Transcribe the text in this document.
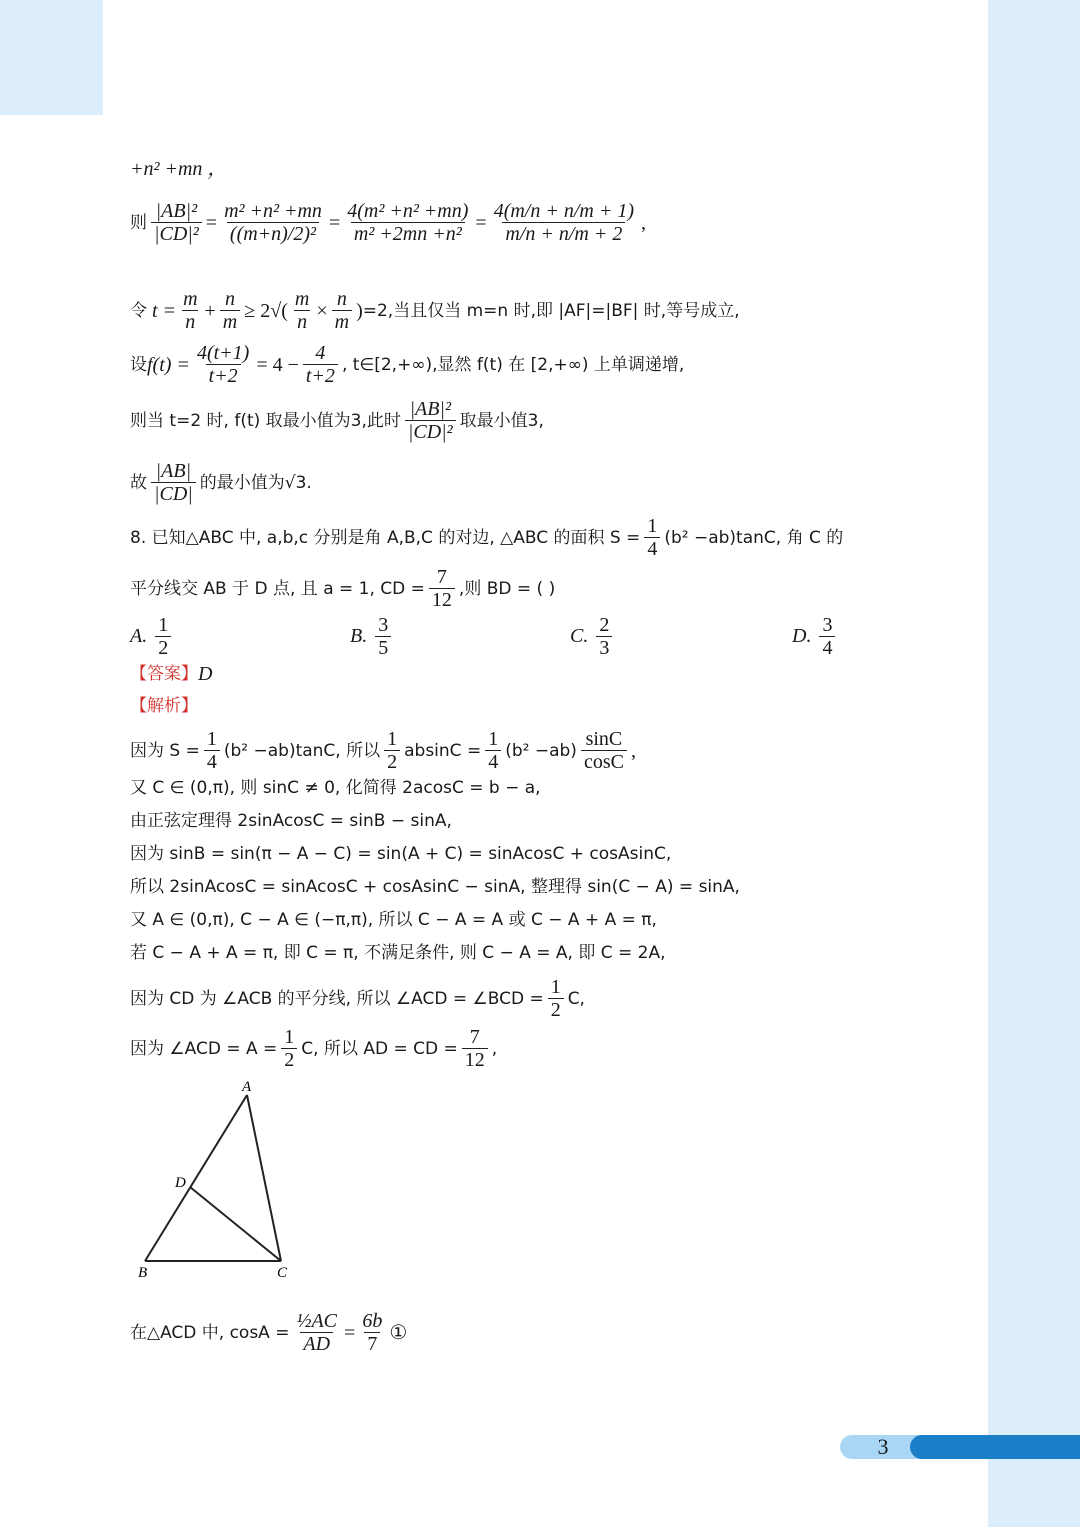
+n² +mn ，
则 $\frac{\text{|AB|²}}{\text{|CD|²}} = \frac{\text{m² +n² +mn}}{\text{((m+n)/2)²}} = \frac{\text{4(m² +n² +mn)}}{\text{m² +2mn +n²}} = \frac{4(m/n + n/m + 1)}{m/n + n/m + 2}$ ,
令 $t = \frac{m}{n} + \frac{n}{m} \ge 2√( \frac{m}{n} \times \frac{n}{m}$ ) =2,当且仅当 m=n 时,即 |AF|=|BF| 时,等号成立,
设 $f(t) = \frac{4(t+1)}{t+2} = 4 - \frac{4}{t+2}$ , t∈[2,+∞),显然 f(t) 在 [2,+∞) 上单调递增,
则当 t=2 时, f(t) 取最小值为3,此时 $\frac{\text{|AB|²}}{\text{|CD|²}}$ 取最小值3,
故 $\frac{|AB|}{|CD|}$ 的最小值为√3.
8. 已知△ABC 中, a,b,c 分别是角 A,B,C 的对边, △ABC 的面积 $S = \frac{1}{4} (b^2 -ab)\tan C$, 角 C 的
平分线交 AB 于 D 点, 且 a = 1, CD = $\frac{7}{12}$ ,则 BD = ( )
A. $\frac{1}{2}$	B. $\frac{3}{5}$	C. $\frac{2}{3}$	D. $\frac{3}{4}$
【答案】 D
【解析】
因为 $S = \frac{1}{4} (b^2 -ab)\tan C$, 所以 $\frac{1}{2}$ $absinC = \frac{1}{4} (b^2 -ab) \frac{\sin C}{\cos C}$ ,
又 C ∈ (0,π), 则 sinC ≠ 0, 化简得 2acosC = b − a,
由正弦定理得 2sinAcosC = sinB − sinA,
因为 sinB = sin(π − A − C) = sin(A + C) = sinAcosC + cosAsinC,
所以 2sinAcosC = sinAcosC + cosAsinC − sinA, 整理得 sin(C − A) = sinA,
又 A ∈ (0,π), C − A ∈ (−π,π), 所以 C − A = A 或 C − A + A = π,
若 C − A + A = π, 即 C = π, 不满足条件, 则 C − A = A, 即 C = 2A,
因为 CD 为 ∠ACB 的平分线, 所以 ∠ACD = ∠BCD = $\frac{1}{2} C$,
因为 ∠ACD = $A = \frac{1}{2} C$, 所以 AD = CD = $\frac{7}{12}$ ,
A
D
B	C
在△ACD 中, $\cos A = \frac{\text{½AC}}{AD} = \frac{6b}{7}$ ①
3
